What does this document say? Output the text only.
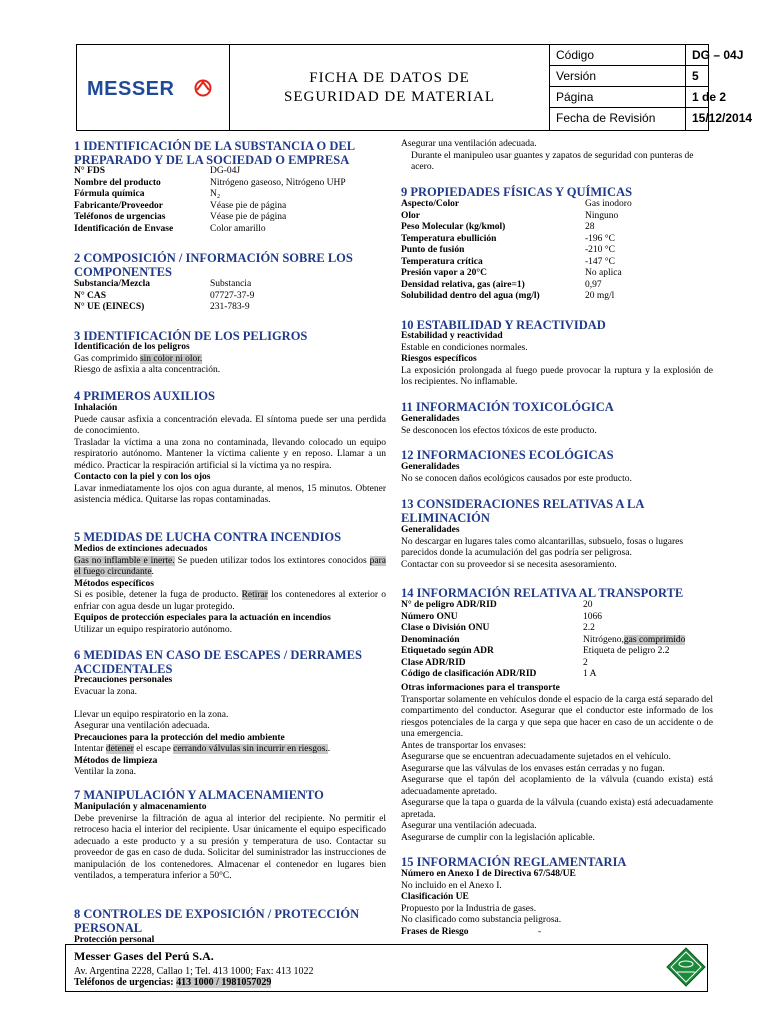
MESSER
FICHA DE DATOS DE
SEGURIDAD DE MATERIAL
Código	DG – 04J
Versión	5
Página	1 de 2
Fecha de Revisión	15/12/2014
1 IDENTIFICACIÓN DE LA SUBSTANCIA O DEL
PREPARADO Y DE LA SOCIEDAD O EMPRESA
N° FDS	DG-04J
Nombre del producto	Nitrógeno gaseoso, Nitrógeno UHP
Fórmula química	N₂
Fabricante/Proveedor	Véase pie de página
Teléfonos de urgencias	Véase pie de página
Identificación de Envase	Color amarillo
2 COMPOSICIÓN / INFORMACIÓN SOBRE LOS
COMPONENTES
Substancia/Mezcla	Substancia
N° CAS	07727-37-9
N° UE (EINECS)	231-783-9
3 IDENTIFICACIÓN DE LOS PELIGROS
Identificación de los peligros
Gas comprimido sin color ni olor.
Riesgo de asfixia a alta concentración.
4 PRIMEROS AUXILIOS
Inhalación
Puede causar asfixia a concentración elevada. El síntoma puede ser una perdida de conocimiento.
Trasladar la víctima a una zona no contaminada, llevando colocado un equipo respiratorio autónomo. Mantener la víctima caliente y en reposo. Llamar a un médico. Practicar la respiración artificial si la víctima ya no respira.
Contacto con la piel y con los ojos
Lavar inmediatamente los ojos con agua durante, al menos, 15 minutos. Obtener asistencia médica. Quitarse las ropas contaminadas.
5 MEDIDAS DE LUCHA CONTRA INCENDIOS
Medios de extinciones adecuados
Gas no inflamble e inerte. Se pueden utilizar todos los extintores conocidos para el fuego circundante.
Métodos específicos
Si es posible, detener la fuga de producto. Retirar los contenedores al exterior o enfriar con agua desde un lugar protegido.
Equipos de protección especiales para la actuación en incendios
Utilizar un equipo respiratorio autónomo.
6 MEDIDAS EN CASO DE ESCAPES / DERRAMES
ACCIDENTALES
Precauciones personales
Evacuar la zona.
Llevar un equipo respiratorio en la zona.
Asegurar una ventilación adecuada.
Precauciones para la protección del medio ambiente
Intentar detener el escape cerrando válvulas sin incurrir en riesgos..
Métodos de limpieza
Ventilar la zona.
7 MANIPULACIÓN Y ALMACENAMIENTO
Manipulación y almacenamiento
Debe prevenirse la filtración de agua al interior del recipiente. No permitir el retroceso hacia el interior del recipiente. Usar únicamente el equipo especificado adecuado a este producto y a su presión y temperatura de uso. Contactar su proveedor de gas en caso de duda. Solicitar del suministrador las instrucciones de manipulación de los contenedores. Almacenar el contenedor en lugares bien ventilados, a temperatura inferior a 50°C.
8 CONTROLES DE EXPOSICIÓN / PROTECCIÓN
PERSONAL
Protección personal
Asegurar una ventilación adecuada.
Durante el manipuleo usar guantes y zapatos de seguridad con punteras de acero.
9 PROPIEDADES FÍSICAS Y QUÍMICAS
Aspecto/Color	Gas inodoro
Olor	Ninguno
Peso Molecular (kg/kmol)	28
Temperatura ebullición	-196 °C
Punto de fusión	-210 °C
Temperatura crítica	-147 °C
Presión vapor a 20°C	No aplica
Densidad relativa, gas (aire=1)	0,97
Solubilidad dentro del agua (mg/l)	20 mg/l
10 ESTABILIDAD Y REACTIVIDAD
Estabilidad y reactividad
Estable en condiciones normales.
Riesgos específicos
La exposición prolongada al fuego puede provocar la ruptura y la explosión de los recipientes. No inflamable.
11 INFORMACIÓN TOXICOLÓGICA
Generalidades
Se desconocen los efectos tóxicos de este producto.
12 INFORMACIONES ECOLÓGICAS
Generalidades
No se conocen daños ecológicos causados por este producto.
13 CONSIDERACIONES RELATIVAS A LA
ELIMINACIÓN
Generalidades
No descargar en lugares tales como alcantarillas, subsuelo, fosas o lugares parecidos donde la acumulación del gas podría ser peligrosa.
Contactar con su proveedor si se necesita asesoramiento.
14 INFORMACIÓN RELATIVA AL TRANSPORTE
N° de peligro ADR/RID	20
Número ONU	1066
Clase o División ONU	2.2
Denominación	Nitrógeno,gas comprimido
Etiquetado según ADR	Etiqueta de peligro 2.2
Clase ADR/RID	2
Código de clasificación ADR/RID	1 A
Otras informaciones para el transporte
Transportar solamente en vehículos donde el espacio de la carga está separado del compartimento del conductor. Asegurar que el conductor este informado de los riesgos potenciales de la carga y que sepa que hacer en caso de un accidente o de una emergencia.
Antes de transportar los envases:
Asegurarse que se encuentran adecuadamente sujetados en el vehículo.
Asegurarse que las válvulas de los envases están cerradas y no fugan.
Asegurarse que el tapón del acoplamiento de la válvula (cuando exista) está adecuadamente apretado.
Asegurarse que la tapa o guarda de la válvula (cuando exista) está adecuadamente apretada.
Asegurar una ventilación adecuada.
Asegurarse de cumplir con la legislación aplicable.
15 INFORMACIÓN REGLAMENTARIA
Número en Anexo I de Directiva 67/548/UE
No incluido en el Anexo I.
Clasificación UE
Propuesto por la Industria de gases.
No clasificado como substancia peligrosa.
Frases de Riesgo	-
Messer Gases del Perú S.A.
Av. Argentina 2228, Callao 1; Tel. 413 1000; Fax: 413 1022
Teléfonos de urgencias: 413 1000 / 1981057029
